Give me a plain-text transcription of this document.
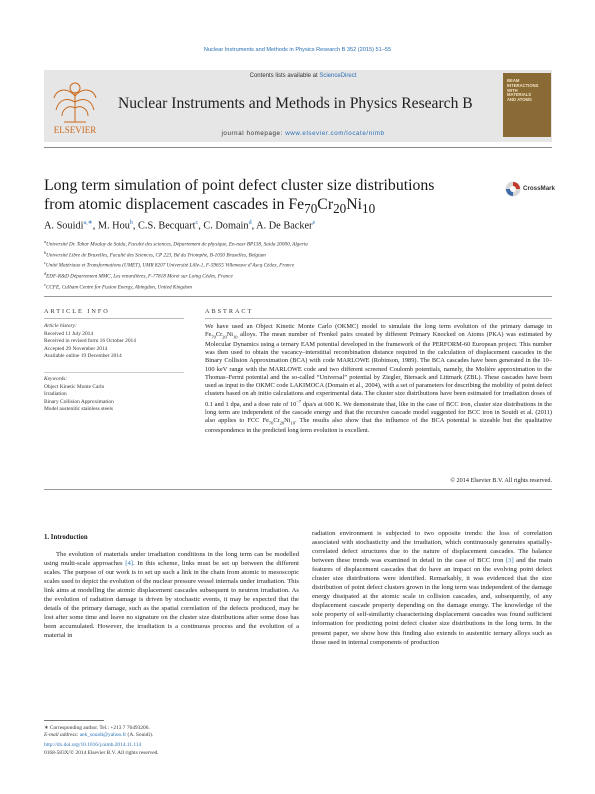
Nuclear Instruments and Methods in Physics Research B 352 (2015) 51–55
ELSEVIER
Contents lists available at ScienceDirect
Nuclear Instruments and Methods in Physics Research B
journal homepage: www.elsevier.com/locate/nimb
BEAM
INTERACTIONS
WITH
MATERIALS
AND ATOMS
Long term simulation of point defect cluster size distributions
from atomic displacement cascades in $Fe_{70}Cr_{20}Ni_{10}$
CrossMark
A. Souidi$^{a,∗}$, M. Hou$^b$, C.S. Becquart$^c$, C. Domain$^d$, A. De Backer$^e$
$^a$Université Dr. Tahar Moulay de Saida, Faculté des sciences, Département de physique, En-nasr BP138, Saida 20000, Algeria
$^b$Université Libre de Bruxelles, Faculté des Sciences, CP 223, Bd du Triomphe, B-1050 Bruxelles, Belgium
$^c$Unité Matériaux et Transformations (UMET), UMR 8207 Université Lille-1, F-59655 Villeneuve d’Ascq Cédex, France
$^d$EDF-R&D Département MMC, Les renardières, F-77818 Moret sur Loing Cédex, France
$^e$CCFE, Culham Centre for Fusion Energy, Abingdon, United Kingdom
ARTICLE INFO	ABSTRACT
Article history:
Received 11 July 2014
Received in revised form 16 October 2014
Accepted 29 November 2014
Available online 19 December 2014
Keywords:
Object Kinetic Monte Carlo
Irradiation
Binary Collision Approximation
Model austenitic stainless steels
We have used an Object Kinetic Monte Carlo (OKMC) model to simulate the long term evolution of the primary damage in $Fe_{70}Cr_{20}Ni_{10}$ alloys. The mean number of Frenkel pairs created by different Primary Knocked on Atoms (PKA) was estimated by Molecular Dynamics using a ternary EAM potential developed in the framework of the PERFORM-60 European project. This number was then used to obtain the vacancy–interstitial recombination distance required in the calculation of displacement cascades in the Binary Collision Approximation (BCA) with code MARLOWE (Robinson, 1989). The BCA cascades have been generated in the 10–100 keV range with the MARLOWE code and two different screened Coulomb potentials, namely, the Molière approximation to the Thomas–Fermi potential and the so-called “Universal” potential by Ziegler, Biersack and Littmark (ZBL). These cascades have been used as input to the OKMC code LAKIMOCA (Domain et al., 2004), with a set of parameters for describing the mobility of point defect clusters based on ab initio calculations and experimental data. The cluster size distributions have been estimated for irradiation doses of 0.1 and 1 dpa, and a dose rate of $10^{-7}$ dpa/s at 600 K. We demonstrate that, like in the case of BCC iron, cluster size distributions in the long term are independent of the cascade energy and that the recursive cascade model suggested for BCC iron in Souidi et al. (2011) also applies to FCC $Fe_{70}Cr_{20}Ni_{10}$. The results also show that the influence of the BCA potential is sizeable but the qualitative correspondence in the predicted long term evolution is excellent.
© 2014 Elsevier B.V. All rights reserved.
1. Introduction
The evolution of materials under irradiation conditions in the long term can be modelled using multi-scale approaches [4]. In this scheme, links must be set up between the different scales. The purpose of our work is to set up such a link in the chain from atomic to mesoscopic scales used to depict the evolution of the nuclear pressure vessel internals under irradiation. This link aims at modelling the atomic displacement cascades subsequent to neutron irradiation. As the evolution of radiation damage is driven by stochastic events, it may be expected that the details of the primary damage, such as the spatial correlation of the defects produced, may be lost after some time and leave no signature on the cluster size distributions after some dose has been accumulated. However, the irradiation is a continuous process and the evolution of a material in
radiation environment is subjected to two opposite trends: the loss of correlation associated with stochasticity and the irradiation, which continuously generates spatially-correlated defect structures due to the nature of displacement cascades. The balance between these trends was examined in detail in the case of BCC iron [3] and the main features of displacement cascades that do have an impact on the evolving point defect cluster size distributions were identified. Remarkably, it was evidenced that the size distribution of point defect clusters grown in the long term was independent of the damage energy dissipated at the atomic scale in collision cascades, and, subsequently, of any displacement cascade property depending on the damage energy. The knowledge of the sole property of self-similarity characterising displacement cascades was found sufficient information for predicting point defect cluster size distributions in the long term. In the present paper, we show how this finding also extends to austenitic ternary alloys such as those used in internal components of production
∗ Corresponding author. Tel.: +213 7 76493206.
E-mail address: aek_souidi@yahoo.fr (A. Souidi).
http://dx.doi.org/10.1016/j.nimb.2014.11.114
0168-583X/© 2014 Elsevier B.V. All rights reserved.
